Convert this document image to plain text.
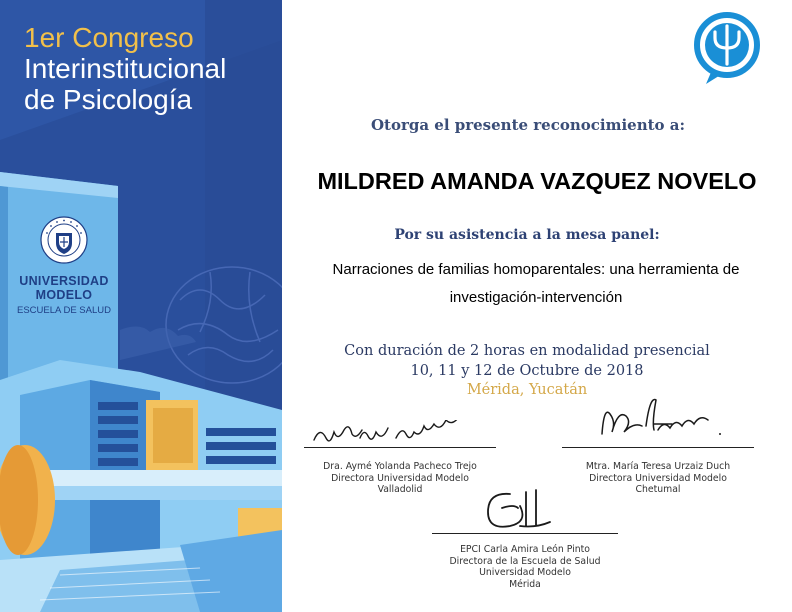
1er Congreso
Interinstitucional
de Psicología
UNIVERSIDAD MODELO
ESCUELA DE SALUD
Otorga el presente reconocimiento a:
MILDRED AMANDA VAZQUEZ NOVELO
Por su asistencia a la mesa panel:
Narraciones de familias homoparentales: una herramienta de investigación-intervención
Con duración de 2 horas en modalidad presencial
10, 11 y 12 de Octubre de 2018
Mérida, Yucatán
Dra. Aymé Yolanda Pacheco Trejo
Directora Universidad Modelo
Valladolid
Mtra. María Teresa Urzaiz Duch
Directora Universidad Modelo
Chetumal
EPCI Carla Amira León Pinto
Directora de la Escuela de Salud
Universidad Modelo
Mérida
